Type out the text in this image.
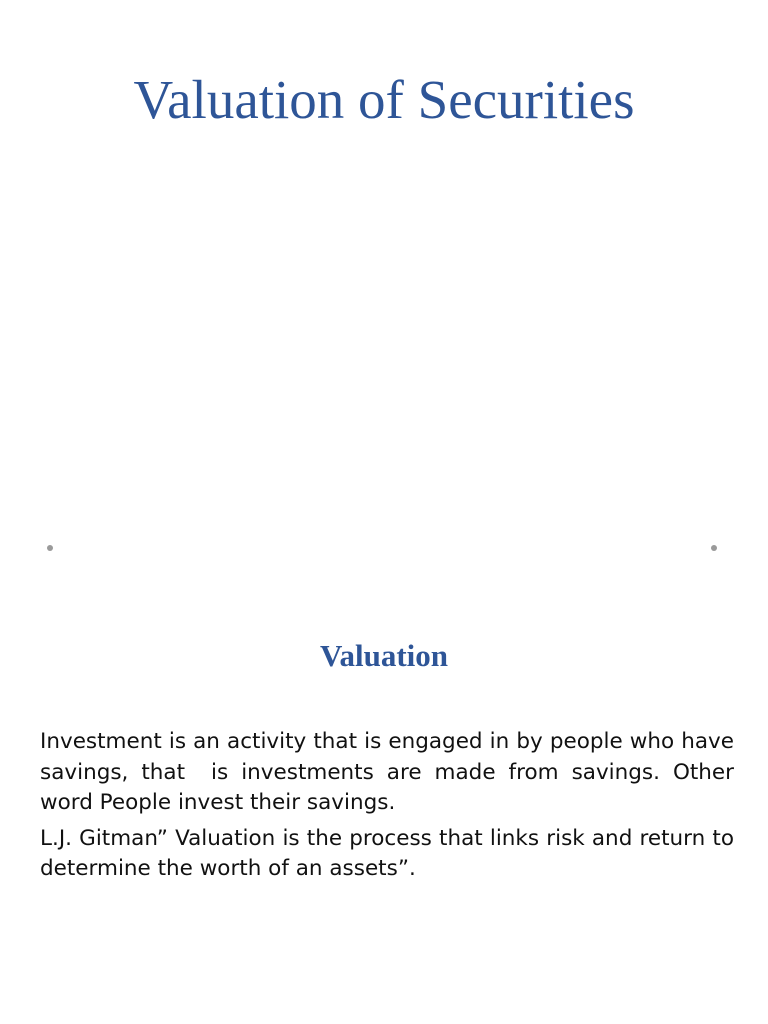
Valuation of Securities
Valuation

Investment is an activity that is engaged in by people who have savings, that  is investments are made from savings. Other word People invest their savings.

L.J. Gitman” Valuation is the process that links risk and return to determine the worth of an assets”.
